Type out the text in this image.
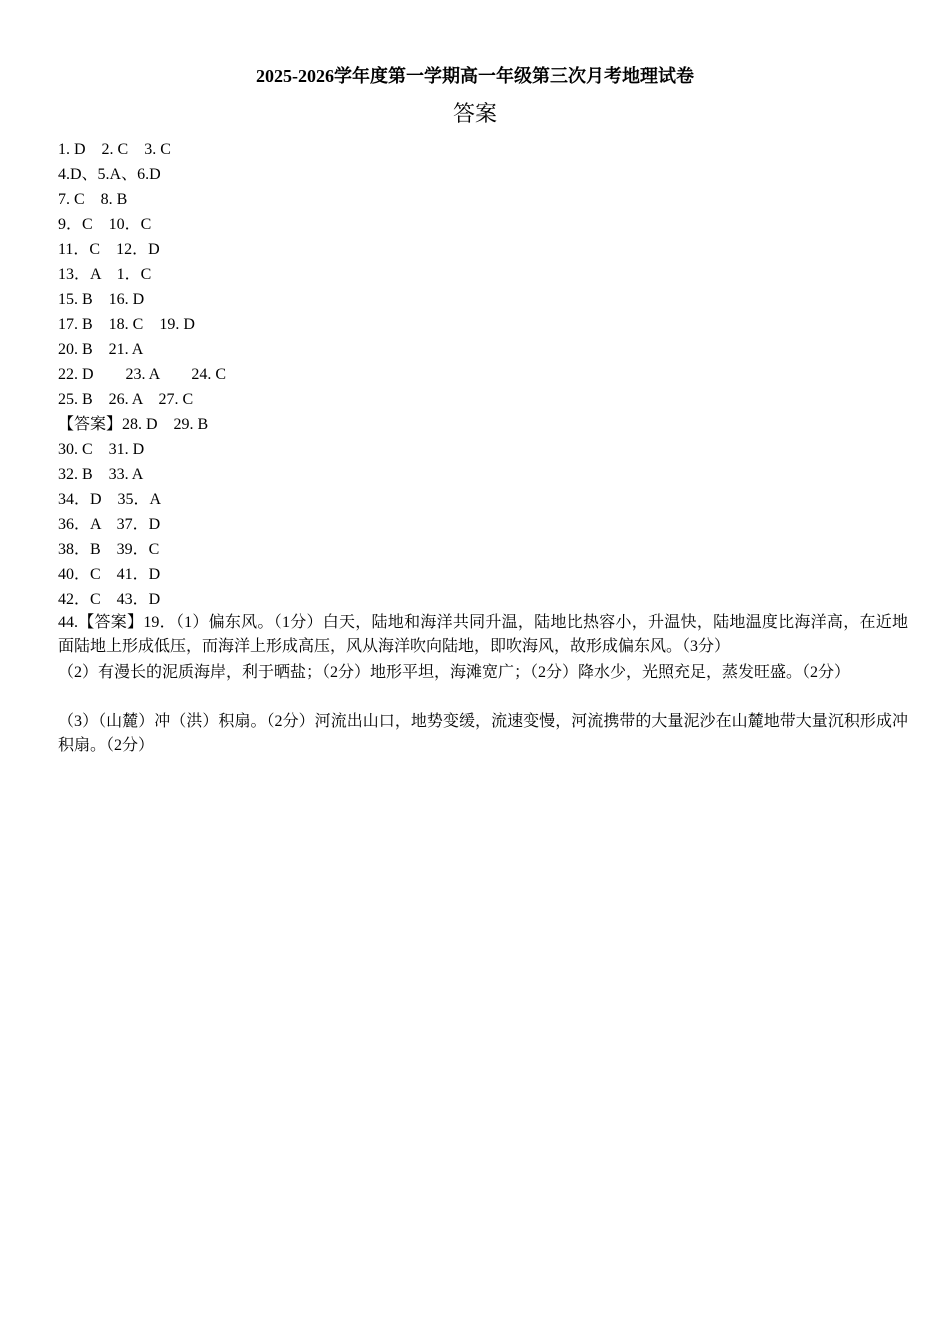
2025-2026学年度第一学期高一年级第三次月考地理试卷
答案
1. D    2. C    3. C
4.D、5.A、6.D
7. C    8. B
9．C    10．C
11．C    12．D
13．A    1．C
15. B    16. D
17. B    18. C    19. D
20. B    21. A
22. D        23. A        24. C
25. B    26. A    27. C
【答案】28. D    29. B
30. C    31. D
32. B    33. A
34．D    35．A
36．A    37．D
38．B    39．C
40．C    41．D
42．C    43．D
44.【答案】19．（1）偏东风。（1分）白天，陆地和海洋共同升温，陆地比热容小，升温快，陆地温度比海洋高，在近地面陆地上形成低压，而海洋上形成高压，风从海洋吹向陆地，即吹海风，故形成偏东风。（3分）
（2）有漫长的泥质海岸，利于晒盐；（2分）地形平坦，海滩宽广；（2分）降水少，光照充足，蒸发旺盛。（2分）
（3）（山麓）冲（洪）积扇。（2分）河流出山口，地势变缓，流速变慢，河流携带的大量泥沙在山麓地带大量沉积形成冲积扇。（2分）
